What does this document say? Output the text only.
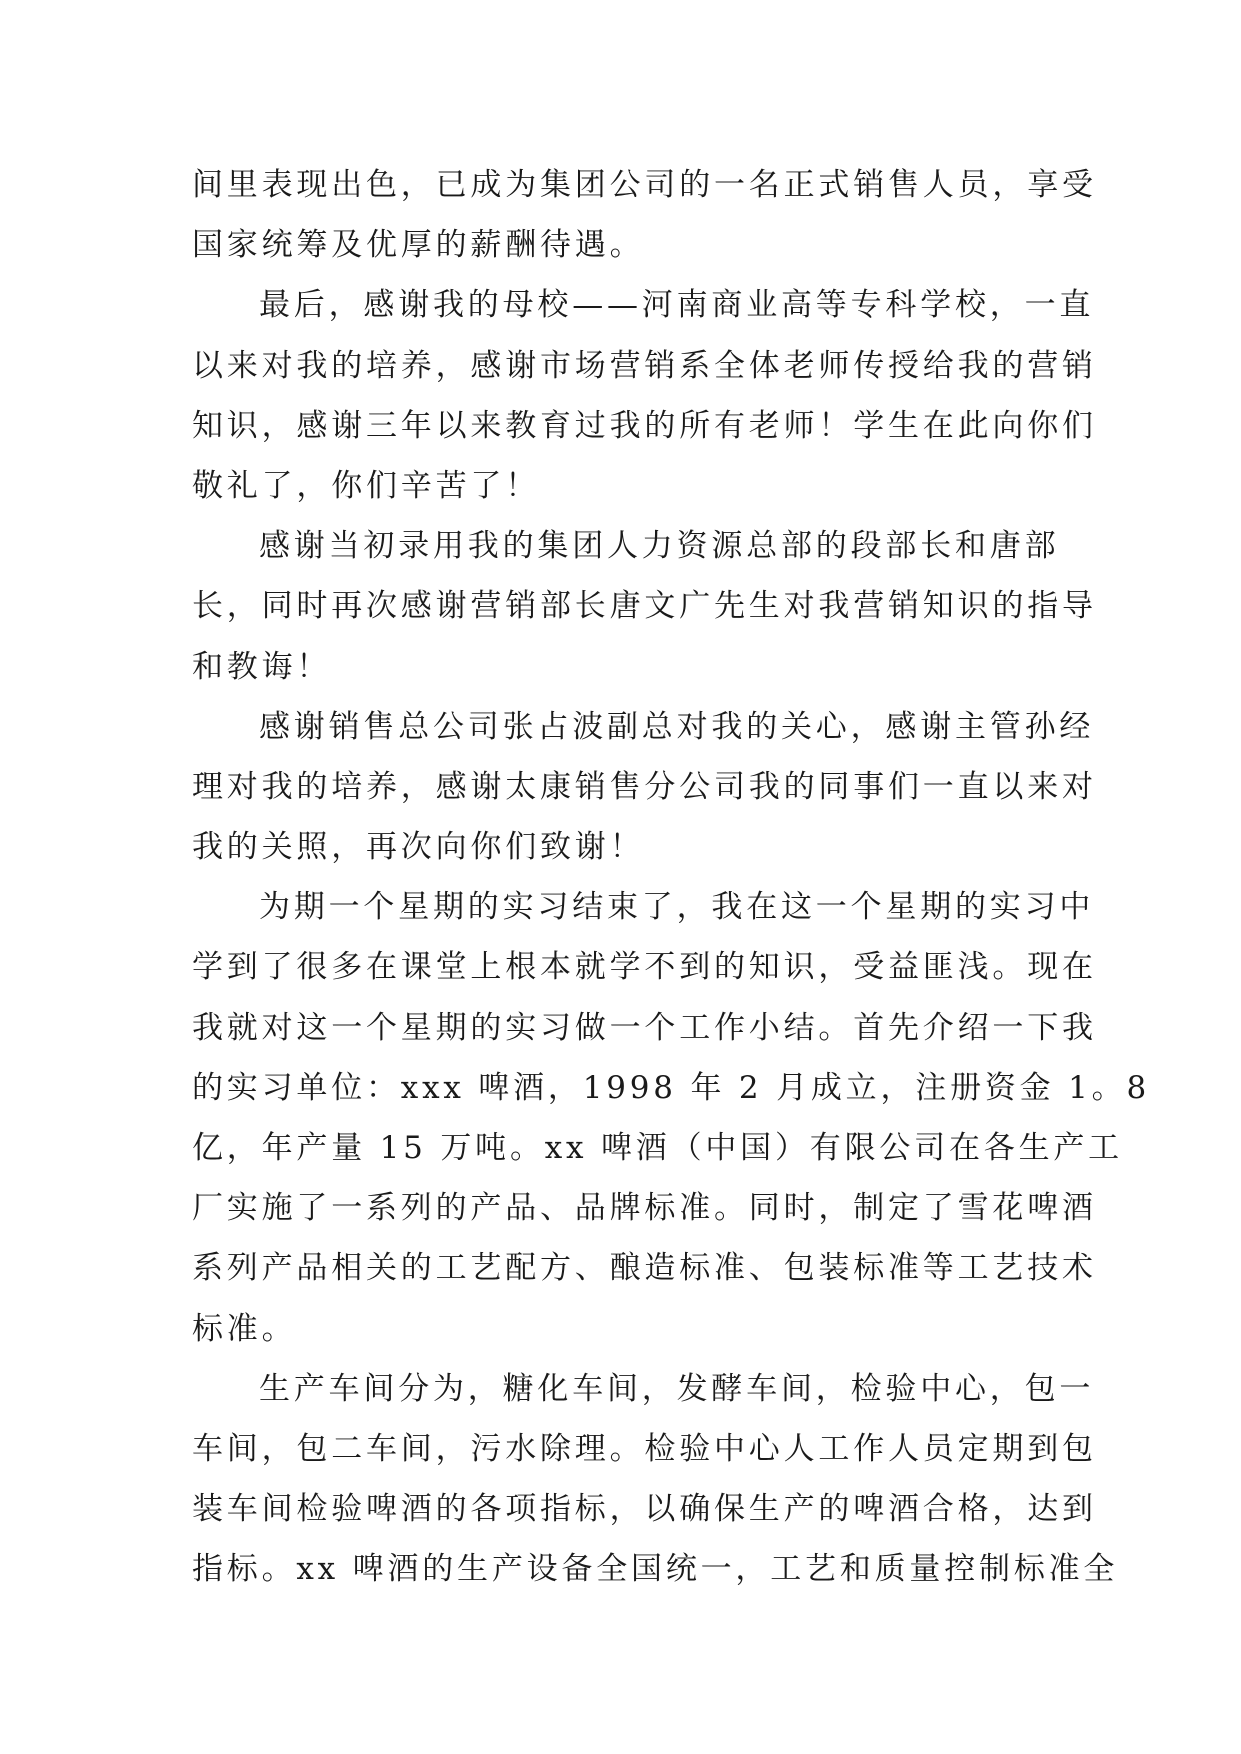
间里表现出色，已成为集团公司的一名正式销售人员，享受
国家统筹及优厚的薪酬待遇。
最后，感谢我的母校——河南商业高等专科学校，一直
以来对我的培养，感谢市场营销系全体老师传授给我的营销
知识，感谢三年以来教育过我的所有老师！学生在此向你们
敬礼了，你们辛苦了！
感谢当初录用我的集团人力资源总部的段部长和唐部
长，同时再次感谢营销部长唐文广先生对我营销知识的指导
和教诲！
感谢销售总公司张占波副总对我的关心，感谢主管孙经
理对我的培养，感谢太康销售分公司我的同事们一直以来对
我的关照，再次向你们致谢！
为期一个星期的实习结束了，我在这一个星期的实习中
学到了很多在课堂上根本就学不到的知识，受益匪浅。现在
我就对这一个星期的实习做一个工作小结。首先介绍一下我
的实习单位：xxx 啤酒，1998 年 2 月成立，注册资金 1。8
亿，年产量 15 万吨。xx 啤酒（中国）有限公司在各生产工
厂实施了一系列的产品、品牌标准。同时，制定了雪花啤酒
系列产品相关的工艺配方、酿造标准、包装标准等工艺技术
标准。
生产车间分为，糖化车间，发酵车间，检验中心，包一
车间，包二车间，污水除理。检验中心人工作人员定期到包
装车间检验啤酒的各项指标，以确保生产的啤酒合格，达到
指标。xx 啤酒的生产设备全国统一，工艺和质量控制标准全
